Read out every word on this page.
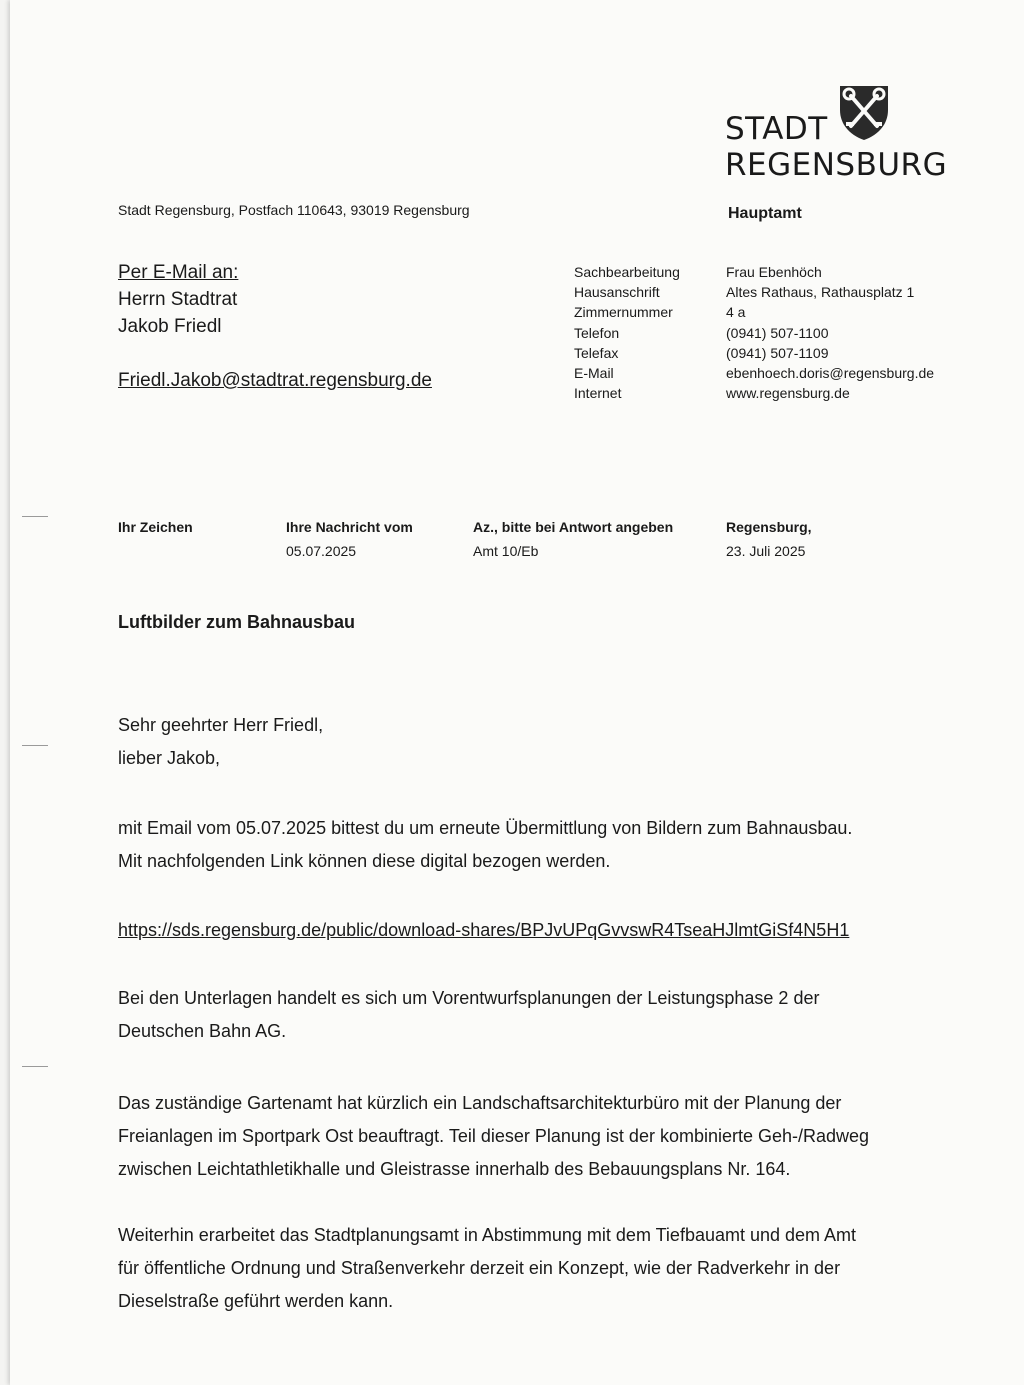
STADT
REGENSBURG
Hauptamt
Stadt Regensburg, Postfach 110643, 93019 Regensburg
Per E-Mail an:
Herrn Stadtrat
Jakob Friedl
Friedl.Jakob@stadtrat.regensburg.de
Sachbearbeitung
Hausanschrift
Zimmernummer
Telefon
Telefax
E-Mail
Internet
Frau Ebenhöch
Altes Rathaus, Rathausplatz 1
4 a
(0941) 507-1100
(0941) 507-1109
ebenhoech.doris@regensburg.de
www.regensburg.de
Ihr Zeichen	Ihre Nachricht vom
05.07.2025
Az., bitte bei Antwort angeben
Amt 10/Eb
Regensburg,
23. Juli 2025
Luftbilder zum Bahnausbau
Sehr geehrter Herr Friedl,
lieber Jakob,
mit Email vom 05.07.2025 bittest du um erneute Übermittlung von Bildern zum Bahnausbau.
Mit nachfolgenden Link können diese digital bezogen werden.
https://sds.regensburg.de/public/download-shares/BPJvUPqGvvswR4TseaHJlmtGiSf4N5H1
Bei den Unterlagen handelt es sich um Vorentwurfsplanungen der Leistungsphase 2 der
Deutschen Bahn AG.
Das zuständige Gartenamt hat kürzlich ein Landschaftsarchitekturbüro mit der Planung der
Freianlagen im Sportpark Ost beauftragt. Teil dieser Planung ist der kombinierte Geh-/Radweg
zwischen Leichtathletikhalle und Gleistrasse innerhalb des Bebauungsplans Nr. 164.
Weiterhin erarbeitet das Stadtplanungsamt in Abstimmung mit dem Tiefbauamt und dem Amt
für öffentliche Ordnung und Straßenverkehr derzeit ein Konzept, wie der Radverkehr in der
Dieselstraße geführt werden kann.
